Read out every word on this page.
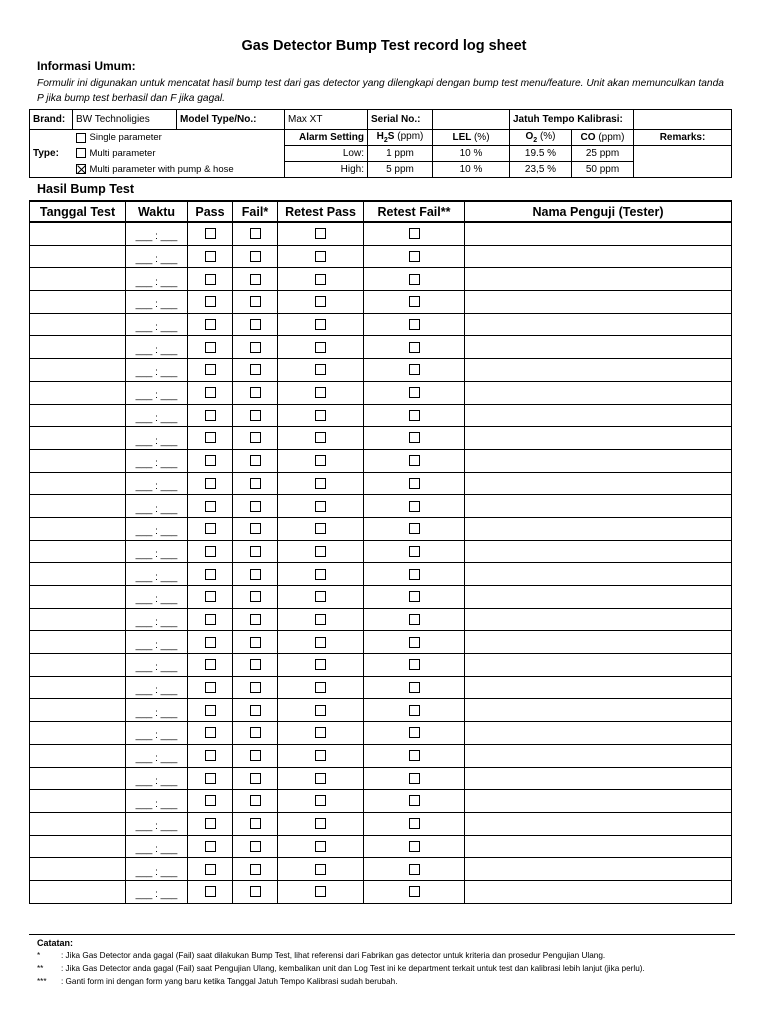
Gas Detector Bump Test record log sheet
Informasi Umum:
Formulir ini digunakan untuk mencatat hasil bump test dari gas detector yang dilengkapi dengan bump test menu/feature. Unit akan memunculkan tanda P jika bump test berhasil dan F jika gagal.
Brand:	BW Technoligies	Model Type/No.:	Max XT	Serial No.:		Jatuh Tempo Kalibrasi:		
	Single parameter		Alarm Setting	$H_2S$ (ppm)	LEL (%)	$O_2$ (%)	CO (ppm)	Remarks:
Type:	Multi parameter		Low:	1 ppm	10 %	19.5 %	25 ppm	
	Multi parameter with pump & hose		High:	5 ppm	10 %	23,5 %	50 ppm	
Hasil Bump Test
Tanggal Test	Waktu	Pass	Fail*	Retest Pass	Retest Fail**	Nama Penguji (Tester)
	___ : ___					
	___ : ___					
	___ : ___					
	___ : ___					
	___ : ___					
	___ : ___					
	___ : ___					
	___ : ___					
	___ : ___					
	___ : ___					
	___ : ___					
	___ : ___					
	___ : ___					
	___ : ___					
	___ : ___					
	___ : ___					
	___ : ___					
	___ : ___					
	___ : ___					
	___ : ___					
	___ : ___					
	___ : ___					
	___ : ___					
	___ : ___					
	___ : ___					
	___ : ___					
	___ : ___					
	___ : ___					
	___ : ___					
	___ : ___					
Catatan:
*	: Jika Gas Detector anda gagal (Fail) saat dilakukan Bump Test, lihat referensi dari Fabrikan gas detector untuk kriteria dan prosedur Pengujian Ulang.
** : Jika Gas Detector anda gagal (Fail) saat Pengujian Ulang, kembalikan unit dan Log Test ini ke department terkait untuk test dan kalibrasi lebih lanjut (jika perlu).
*** : Ganti form ini dengan form yang baru ketika Tanggal Jatuh Tempo Kalibrasi sudah berubah.
